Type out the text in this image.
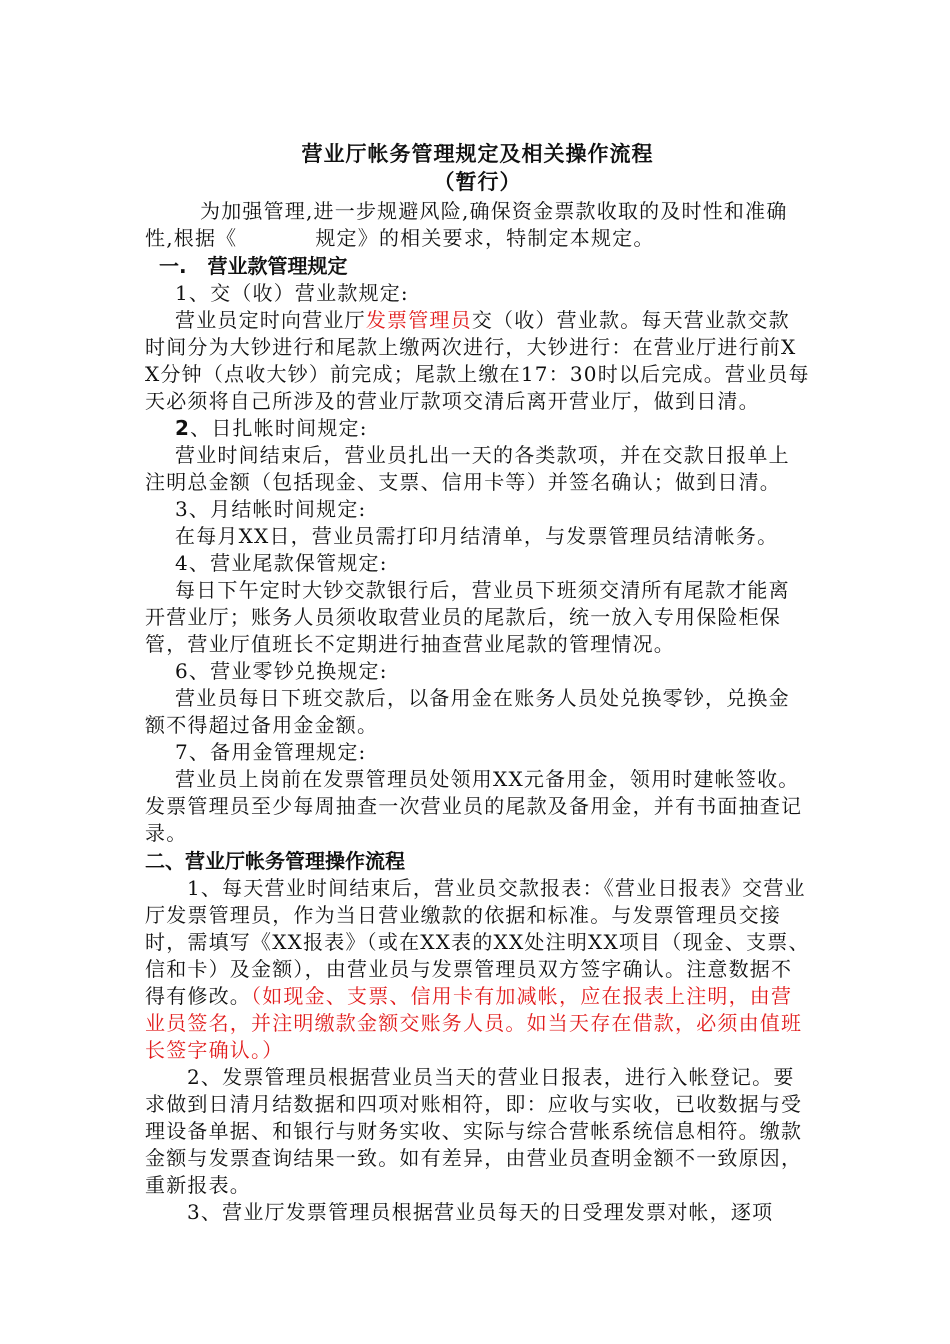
营业厅帐务管理规定及相关操作流程
（暂行）

为加强管理,进一步规避风险,确保资金票款收取的及时性和准确性,根据《	规定》的相关要求，特制定本规定。

一. 营业款管理规定

1、交（收）营业款规定:

营业员定时向营业厅发票管理员交（收）营业款。每天营业款交款时间分为大钞进行和尾款上缴两次进行，大钞进行：在营业厅进行前XX分钟（点收大钞）前完成；尾款上缴在17：30时以后完成。营业员每天必须将自己所涉及的营业厅款项交清后离开营业厅，做到日清。

2、日扎帐时间规定:

营业时间结束后，营业员扎出一天的各类款项，并在交款日报单上注明总金额（包括现金、支票、信用卡等）并签名确认；做到日清。

3、月结帐时间规定:

在每月XX日，营业员需打印月结清单，与发票管理员结清帐务。

4、营业尾款保管规定:

每日下午定时大钞交款银行后，营业员下班须交清所有尾款才能离开营业厅；账务人员须收取营业员的尾款后，统一放入专用保险柜保管，营业厅值班长不定期进行抽查营业尾款的管理情况。

6、营业零钞兑换规定:

营业员每日下班交款后，以备用金在账务人员处兑换零钞，兑换金额不得超过备用金金额。

7、备用金管理规定:

营业员上岗前在发票管理员处领用XX元备用金，领用时建帐签收。发票管理员至少每周抽查一次营业员的尾款及备用金，并有书面抽查记录。

二、营业厅帐务管理操作流程

1、每天营业时间结束后，营业员交款报表：《营业日报表》交营业厅发票管理员，作为当日营业缴款的依据和标准。与发票管理员交接时，需填写《XX报表》（或在XX表的XX处注明XX项目（现金、支票、信和卡）及金额），由营业员与发票管理员双方签字确认。注意数据不得有修改。（如现金、支票、信用卡有加减帐，应在报表上注明，由营业员签名，并注明缴款金额交账务人员。如当天存在借款，必须由值班长签字确认。）

2、发票管理员根据营业员当天的营业日报表，进行入帐登记。要求做到日清月结数据和四项对账相符，即：应收与实收，已收数据与受理设备单据、和银行与财务实收、实际与综合营帐系统信息相符。缴款金额与发票查询结果一致。如有差异，由营业员查明金额不一致原因，重新报表。

3、营业厅发票管理员根据营业员每天的日受理发票对帐，逐项
